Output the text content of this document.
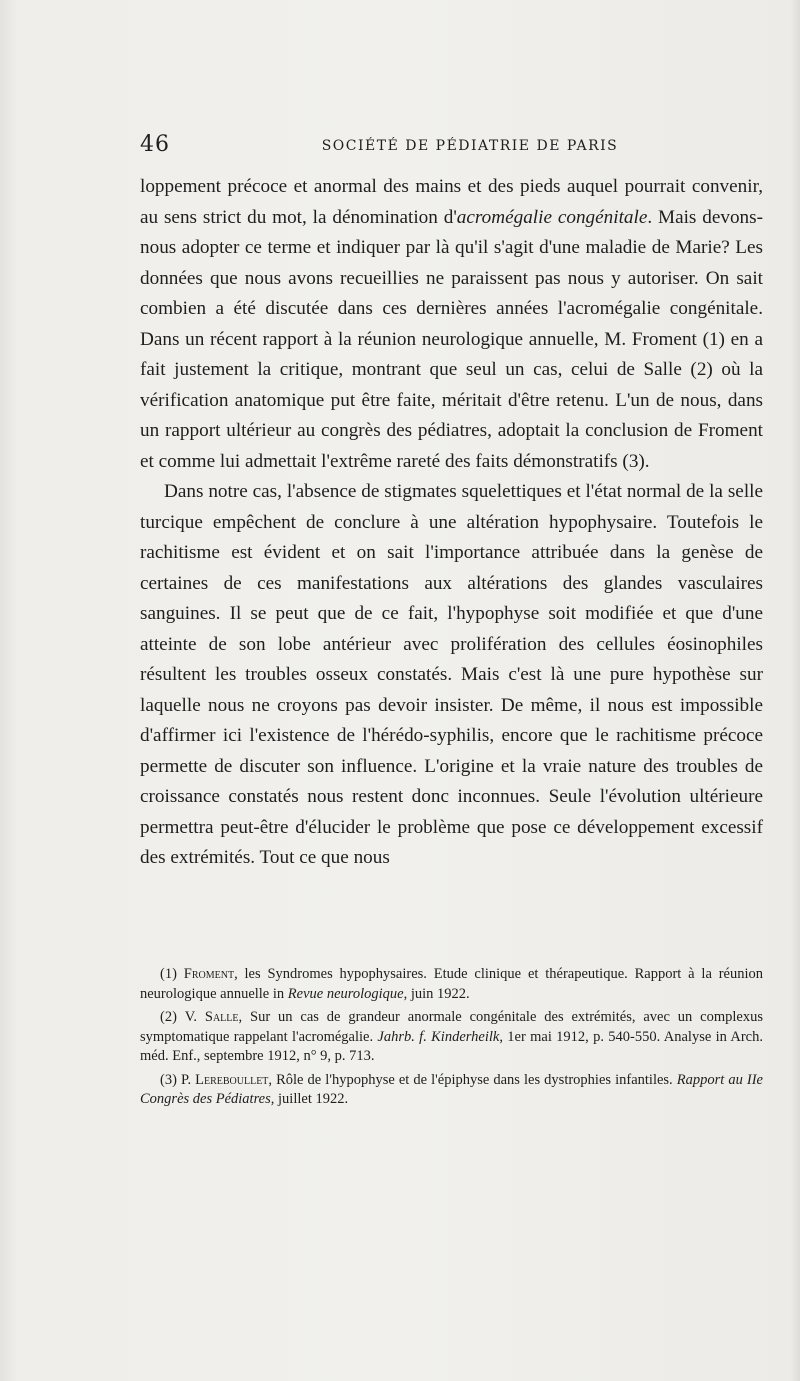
46	SOCIÉTÉ DE PÉDIATRIE DE PARIS

loppement précoce et anormal des mains et des pieds auquel pourrait convenir, au sens strict du mot, la dénomination d'acromégalie congénitale. Mais devons-nous adopter ce terme et indiquer par là qu'il s'agit d'une maladie de Marie? Les données que nous avons recueillies ne paraissent pas nous y autoriser. On sait combien a été discutée dans ces dernières années l'acromégalie congénitale. Dans un récent rapport à la réunion neurologique annuelle, M. Froment (1) en a fait justement la critique, montrant que seul un cas, celui de Salle (2) où la vérification anatomique put être faite, méritait d'être retenu. L'un de nous, dans un rapport ultérieur au congrès des pédiatres, adoptait la conclusion de Froment et comme lui admettait l'extrême rareté des faits démonstratifs (3).

Dans notre cas, l'absence de stigmates squelettiques et l'état normal de la selle turcique empêchent de conclure à une altération hypophysaire. Toutefois le rachitisme est évident et on sait l'importance attribuée dans la genèse de certaines de ces manifestations aux altérations des glandes vasculaires sanguines. Il se peut que de ce fait, l'hypophyse soit modifiée et que d'une atteinte de son lobe antérieur avec prolifération des cellules éosinophiles résultent les troubles osseux constatés. Mais c'est là une pure hypothèse sur laquelle nous ne croyons pas devoir insister. De même, il nous est impossible d'affirmer ici l'existence de l'hérédo-syphilis, encore que le rachitisme précoce permette de discuter son influence. L'origine et la vraie nature des troubles de croissance constatés nous restent donc inconnues. Seule l'évolution ultérieure permettra peut-être d'élucider le problème que pose ce développement excessif des extrémités. Tout ce que nous

(1) Froment, les Syndromes hypophysaires. Etude clinique et thérapeutique. Rapport à la réunion neurologique annuelle in Revue neurologique, juin 1922.

(2) V. Salle, Sur un cas de grandeur anormale congénitale des extrémités, avec un complexus symptomatique rappelant l'acromégalie. Jahrb. f. Kinderheilk, 1er mai 1912, p. 540-550. Analyse in Arch. méd. Enf., septembre 1912, n° 9, p. 713.

(3) P. Lereboullet, Rôle de l'hypophyse et de l'épiphyse dans les dystrophies infantiles. Rapport au IIe Congrès des Pédiatres, juillet 1922.
